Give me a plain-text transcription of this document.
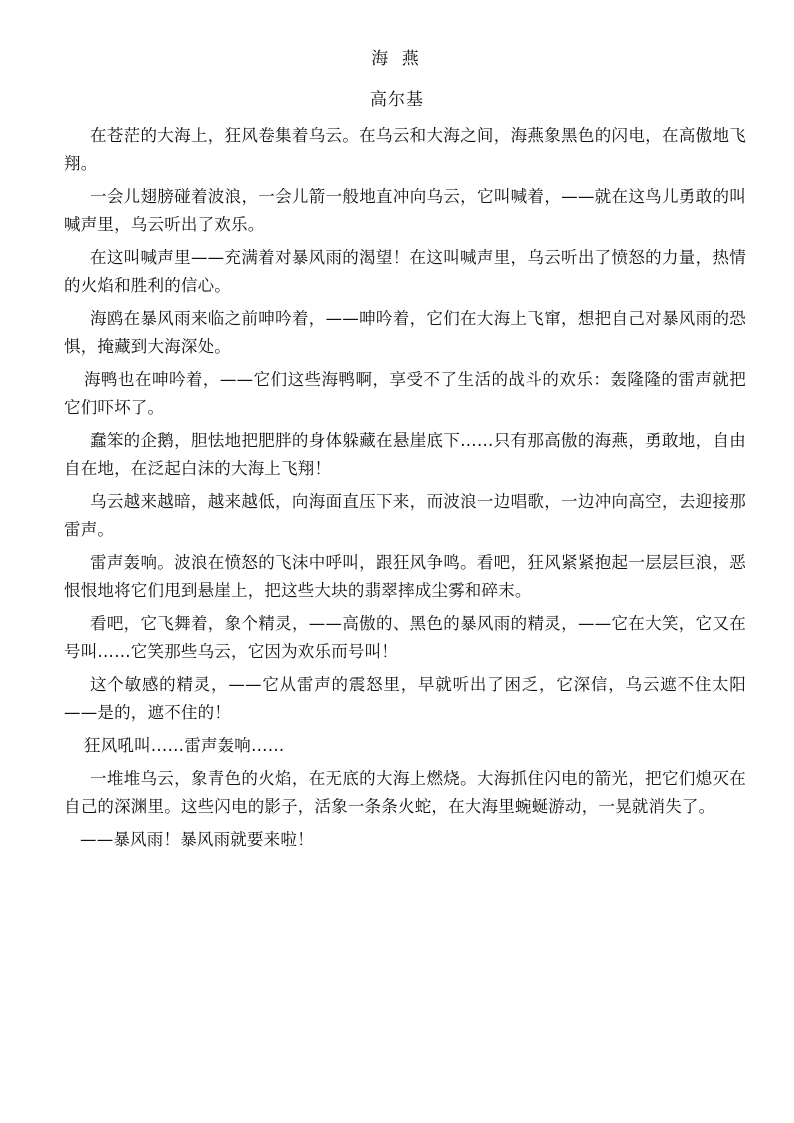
海 燕
高尔基

在苍茫的大海上，狂风卷集着乌云。在乌云和大海之间，海燕象黑色的闪电，在高傲地飞翔。

一会儿翅膀碰着波浪，一会儿箭一般地直冲向乌云，它叫喊着，——就在这鸟儿勇敢的叫喊声里，乌云听出了欢乐。

在这叫喊声里——充满着对暴风雨的渴望！在这叫喊声里，乌云听出了愤怒的力量，热情的火焰和胜利的信心。

海鸥在暴风雨来临之前呻吟着，——呻吟着，它们在大海上飞窜，想把自己对暴风雨的恐惧，掩藏到大海深处。

海鸭也在呻吟着，——它们这些海鸭啊，享受不了生活的战斗的欢乐：轰隆隆的雷声就把它们吓坏了。

蠢笨的企鹅，胆怯地把肥胖的身体躲藏在悬崖底下……只有那高傲的海燕，勇敢地，自由自在地，在泛起白沫的大海上飞翔！

乌云越来越暗，越来越低，向海面直压下来，而波浪一边唱歌，一边冲向高空，去迎接那雷声。

雷声轰响。波浪在愤怒的飞沫中呼叫，跟狂风争鸣。看吧，狂风紧紧抱起一层层巨浪，恶恨恨地将它们甩到悬崖上，把这些大块的翡翠摔成尘雾和碎末。

看吧，它飞舞着，象个精灵，——高傲的、黑色的暴风雨的精灵，——它在大笑，它又在号叫……它笑那些乌云，它因为欢乐而号叫！

这个敏感的精灵，——它从雷声的震怒里，早就听出了困乏，它深信，乌云遮不住太阳——是的，遮不住的！

狂风吼叫……雷声轰响……

一堆堆乌云，象青色的火焰，在无底的大海上燃烧。大海抓住闪电的箭光，把它们熄灭在自己的深渊里。这些闪电的影子，活象一条条火蛇，在大海里蜿蜒游动，一晃就消失了。

——暴风雨！暴风雨就要来啦！
